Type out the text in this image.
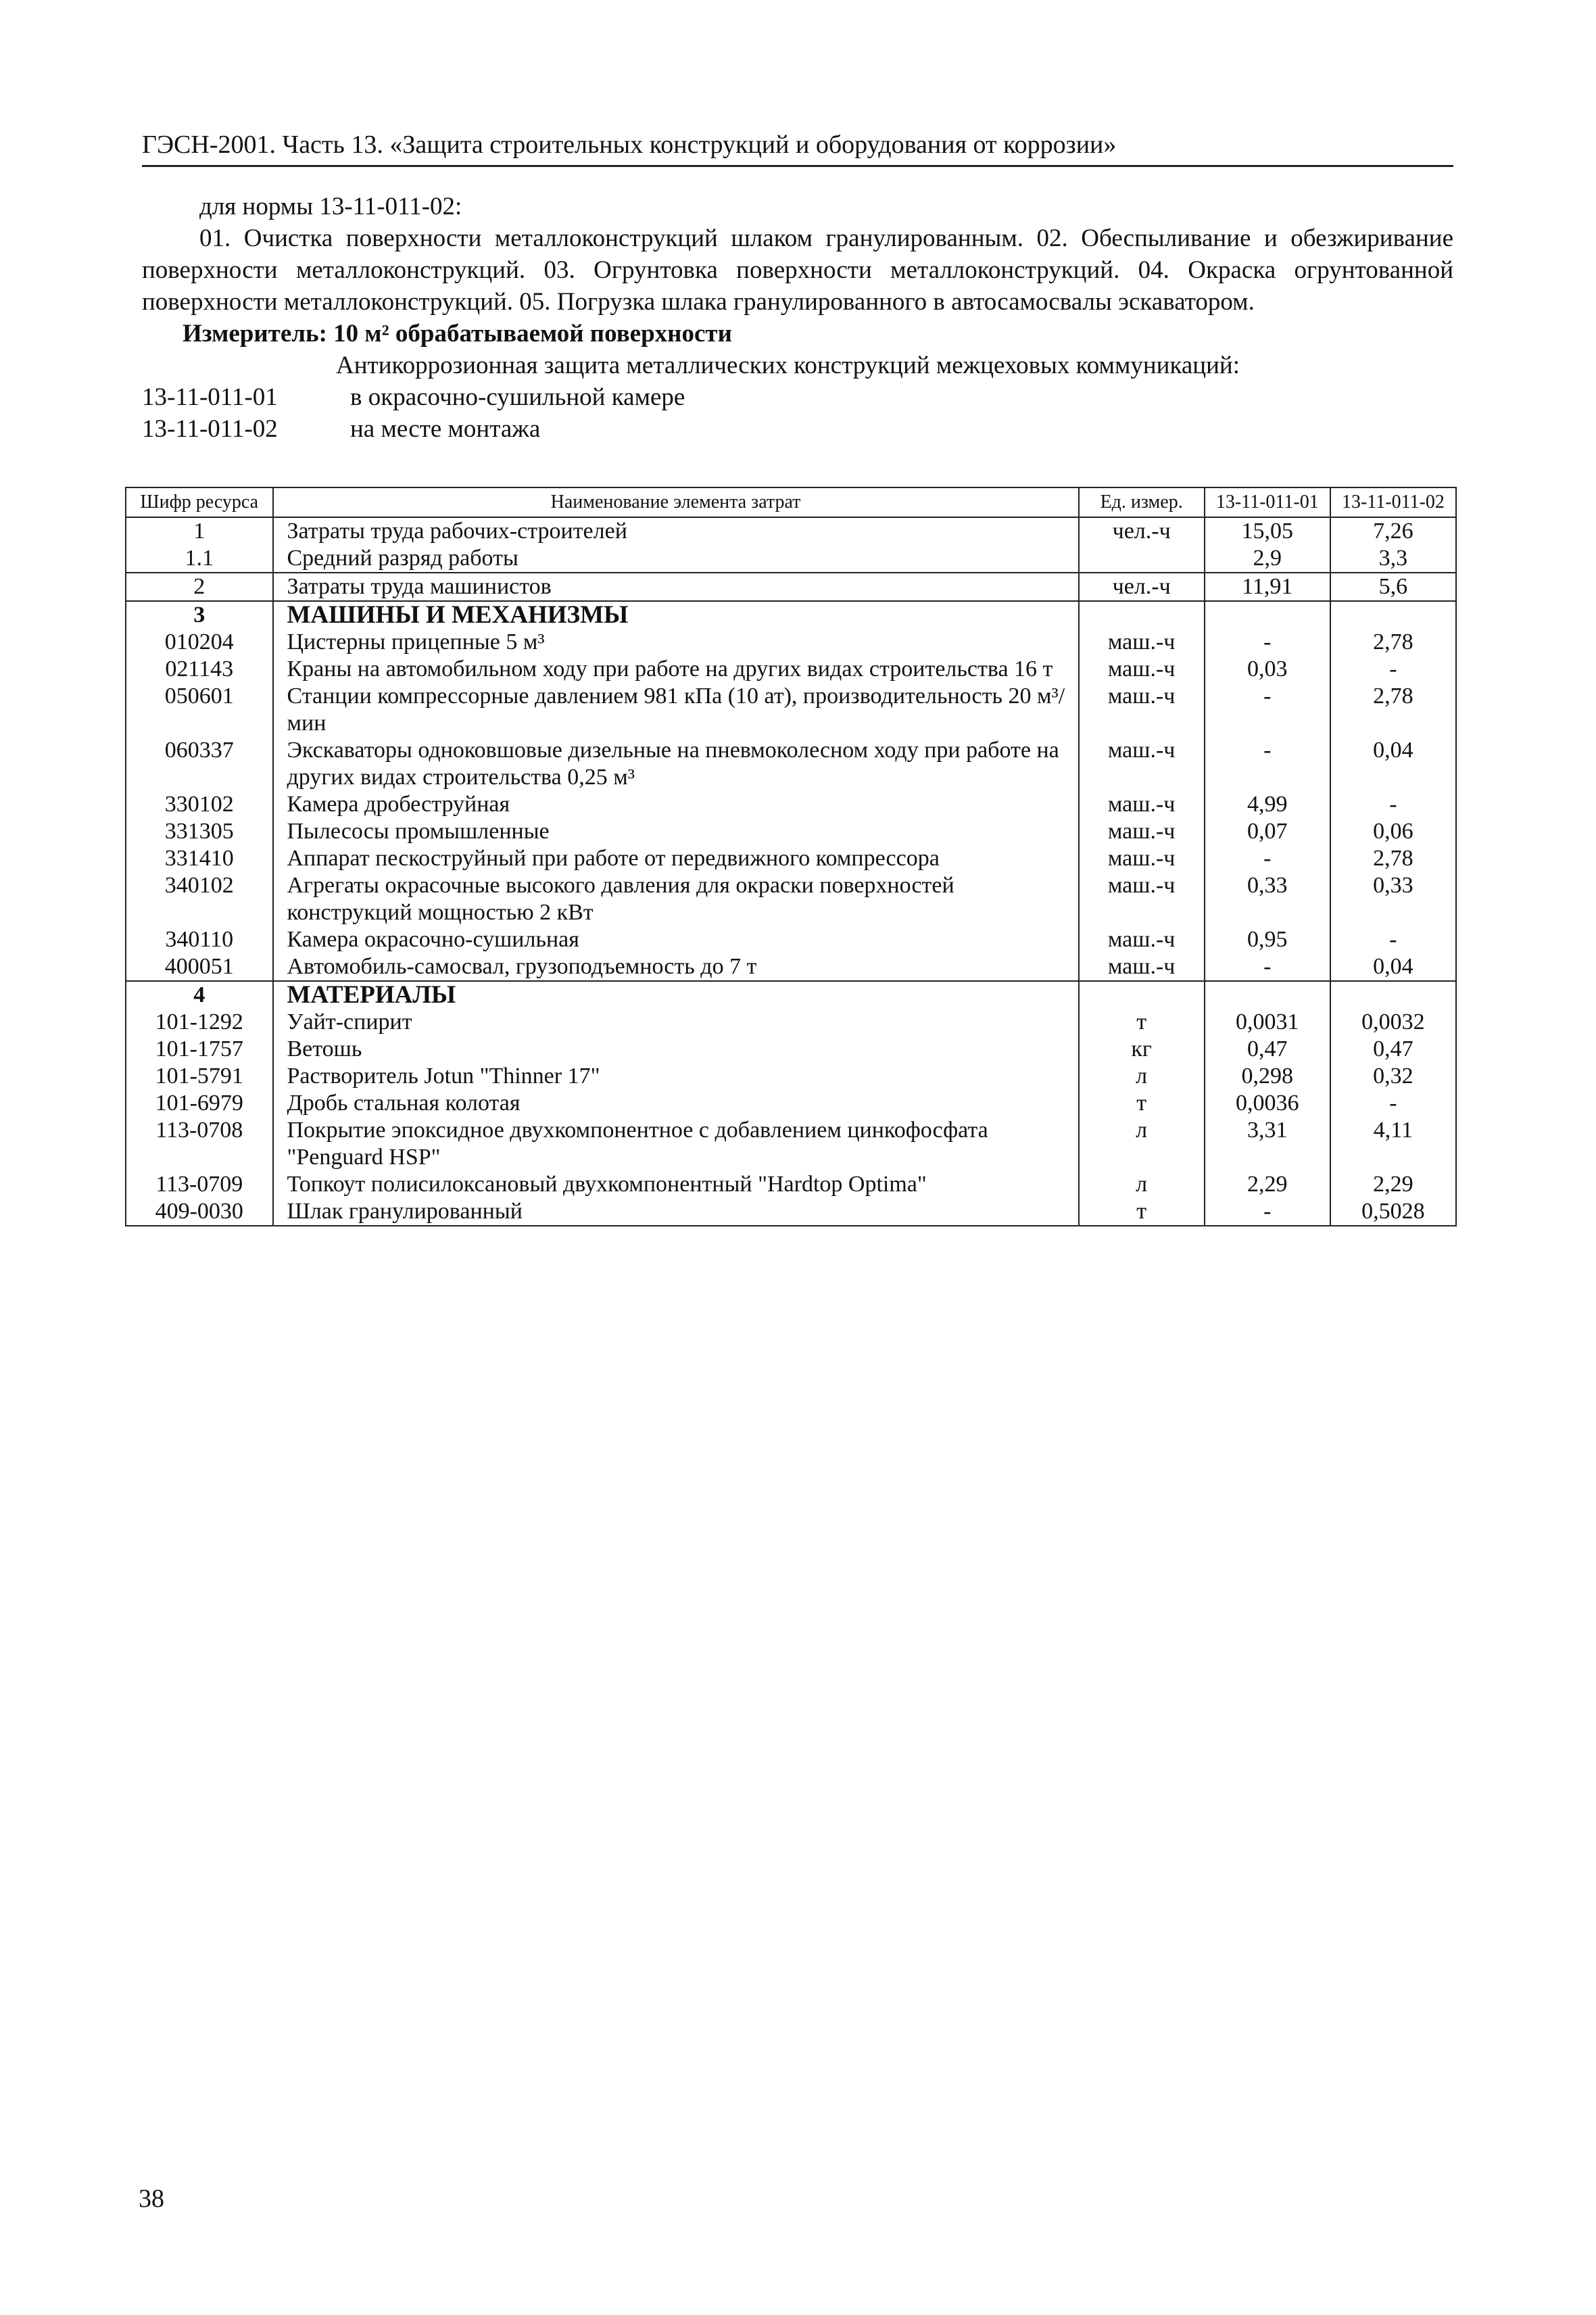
ГЭСН-2001. Часть 13. «Защита строительных конструкций и оборудования от коррозии»
для нормы 13-11-011-02:
01. Очистка поверхности металлоконструкций шлаком гранулированным. 02. Обеспыливание и обезжиривание поверхности металлоконструкций. 03. Огрунтовка поверхности металлоконструкций. 04. Окраска огрунтованной поверхности металлоконструкций. 05. Погрузка шлака гранулированного в автосамосвалы эскаватором.
Измеритель: 10 м² обрабатываемой поверхности
Антикоррозионная защита металлических конструкций межцеховых коммуникаций:
13-11-011-01	в окрасочно-сушильной камере
13-11-011-02	на месте монтажа
Шифр ресурса	Наименование элемента затрат	Ед. измер.	13-11-011-01	13-11-011-02
1	Затраты труда рабочих-строителей	чел.-ч	15,05	7,26
1.1	Средний разряд работы		2,9	3,3
2	Затраты труда машинистов	чел.-ч	11,91	5,6
3	МАШИНЫ И МЕХАНИЗМЫ			
010204	Цистерны прицепные 5 м³	маш.-ч	-	2,78
021143	Краны на автомобильном ходу при работе на других видах строительства 16 т	маш.-ч	0,03	-
050601	Станции компрессорные давлением 981 кПа (10 ат), производительность 20 м³/мин	маш.-ч	-	2,78
060337	Экскаваторы одноковшовые дизельные на пневмоколесном ходу при работе на других видах строительства 0,25 м³	маш.-ч	-	0,04
330102	Камера дробеструйная	маш.-ч	4,99	-
331305	Пылесосы промышленные	маш.-ч	0,07	0,06
331410	Аппарат пескоструйный при работе от передвижного компрессора	маш.-ч	-	2,78
340102	Агрегаты окрасочные высокого давления для окраски поверхностей конструкций мощностью 2 кВт	маш.-ч	0,33	0,33
340110	Камера окрасочно-сушильная	маш.-ч	0,95	-
400051	Автомобиль-самосвал, грузоподъемность до 7 т	маш.-ч	-	0,04
4	МАТЕРИАЛЫ			
101-1292	Уайт-спирит	т	0,0031	0,0032
101-1757	Ветошь	кг	0,47	0,47
101-5791	Растворитель Jotun "Thinner 17"	л	0,298	0,32
101-6979	Дробь стальная колотая	т	0,0036	-
113-0708	Покрытие эпоксидное двухкомпонентное с добавлением цинкофосфата "Penguard HSP"	л	3,31	4,11
113-0709	Топкоут полисилоксановый двухкомпонентный "Hardtop Optima"	л	2,29	2,29
409-0030	Шлак гранулированный	т	-	0,5028
38
